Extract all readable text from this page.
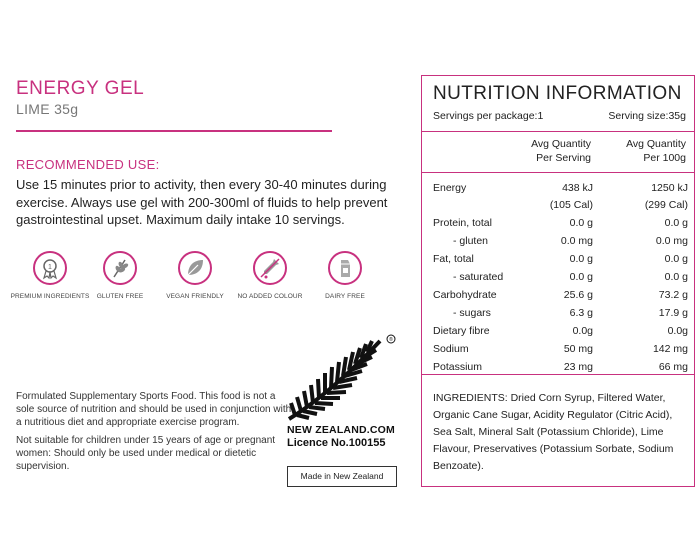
ENERGY GEL
LIME 35g
RECOMMENDED USE:
Use 15 minutes prior to activity, then every 30-40 minutes during exercise. Always use gel with 200-300ml of fluids to help prevent gastrointestinal upset. Maximum daily intake 10 servings.
1
PREMIUM INGREDIENTS	GLUTEN FREE	VEGAN FRIENDLY	NO ADDED COLOUR	DAIRY FREE

Formulated Supplementary Sports Food. This food is not a sole source of nutrition and should be used in conjunction with a nutritious diet and appropriate exercise program.

Not suitable for children under 15 years of age or pregnant women: Should only be used under medical or dietetic supervision.

®
NEW ZEALAND.COM
Licence No.100155
Made in New Zealand
NUTRITION INFORMATION
Servings per package:1	Serving size:35g
Avg Quantity
Per Serving
Avg Quantity
Per 100g
Energy	438 kJ	1250 kJ
(105 Cal)	(299 Cal)
Protein, total	0.0 g	0.0 g
- gluten	0.0 mg	0.0 mg
Fat, total	0.0 g	0.0 g
- saturated	0.0 g	0.0 g
Carbohydrate	25.6 g	73.2 g
- sugars	6.3 g	17.9 g
Dietary fibre	0.0g	0.0g
Sodium	50 mg	142 mg
Potassium	23 mg	66 mg
INGREDIENTS: Dried Corn Syrup, Filtered Water, Organic Cane Sugar, Acidity Regulator (Citric Acid), Sea Salt, Mineral Salt (Potassium Chloride), Lime Flavour, Preservatives (Potassium Sorbate, Sodium Benzoate).
